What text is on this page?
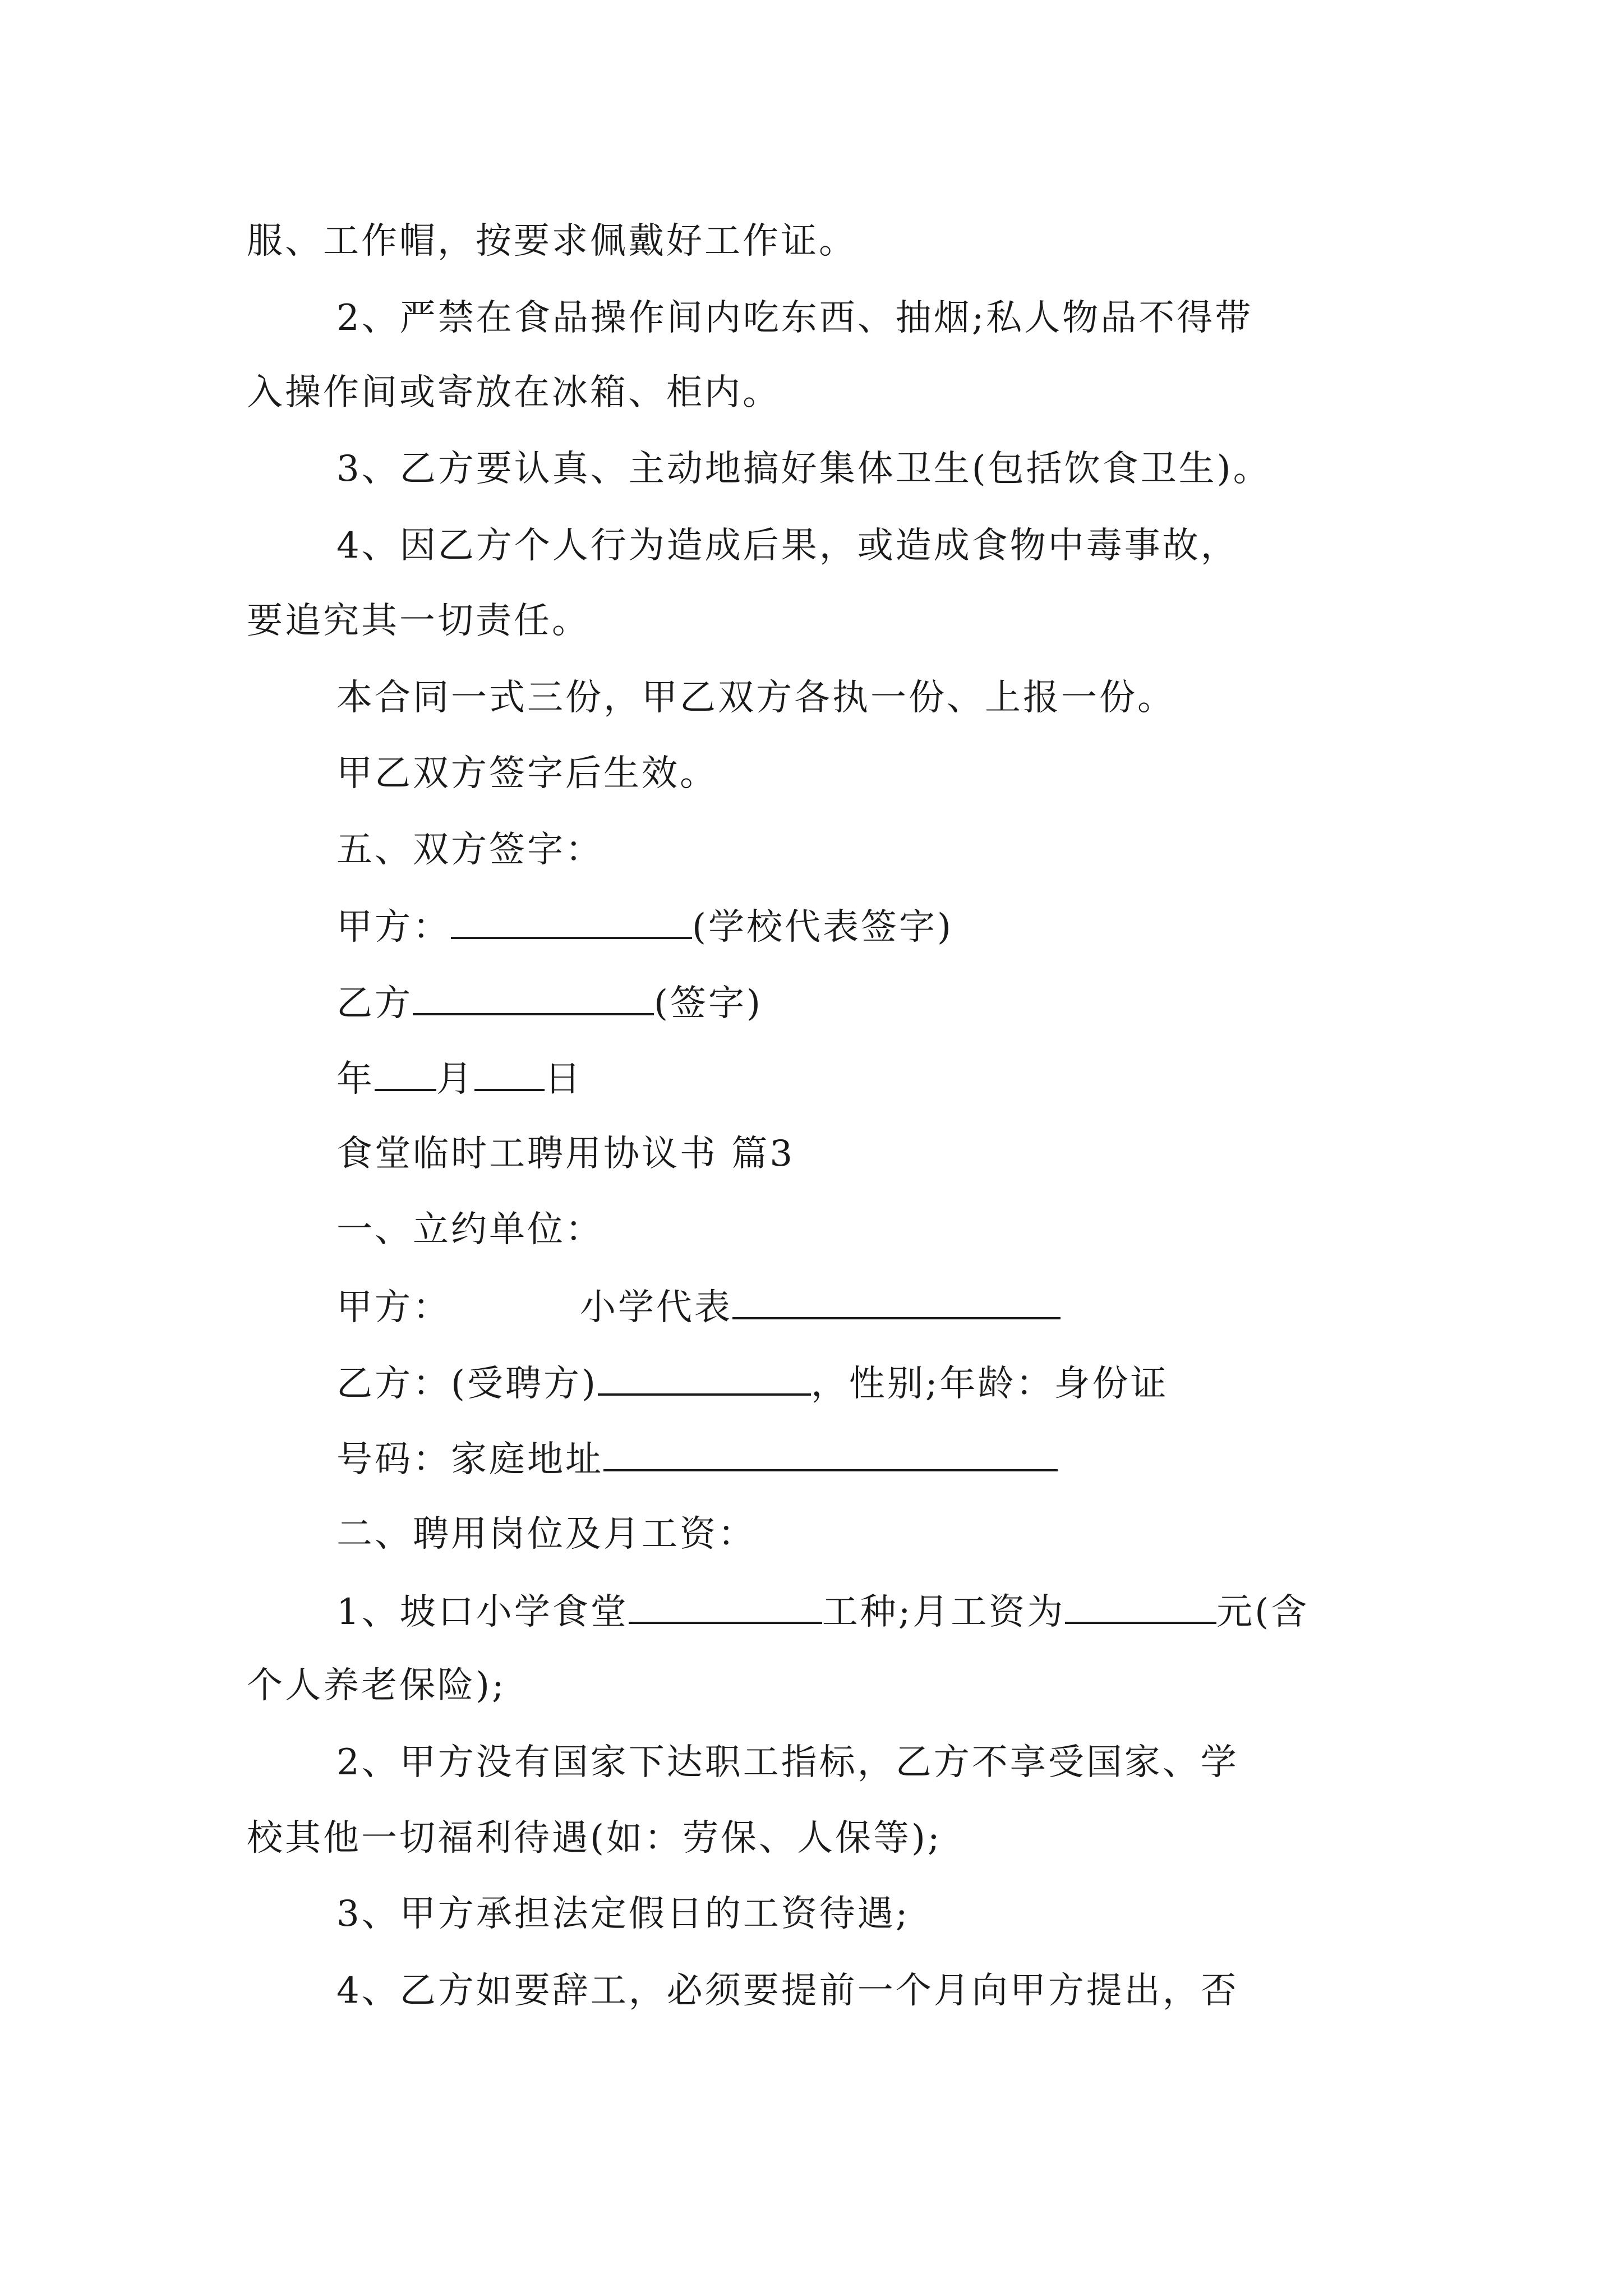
服、工作帽，按要求佩戴好工作证。
2、严禁在食品操作间内吃东西、抽烟;私人物品不得带
入操作间或寄放在冰箱、柜内。
3、乙方要认真、主动地搞好集体卫生(包括饮食卫生)。
4、因乙方个人行为造成后果，或造成食物中毒事故，
要追究其一切责任。
本合同一式三份，甲乙双方各执一份、上报一份。
甲乙双方签字后生效。
五、双方签字：
甲方：	(学校代表签字)
乙方	(签字)
年 月 日
食堂临时工聘用协议书 篇3
一、立约单位：
甲方：	小学代表
乙方：(受聘方)	，性别;年龄：身份证
号码：家庭地址
二、聘用岗位及月工资：
1、坡口小学食堂	工种;月工资为	元(含
个人养老保险);
2、甲方没有国家下达职工指标，乙方不享受国家、学
校其他一切福利待遇(如：劳保、人保等);
3、甲方承担法定假日的工资待遇;
4、乙方如要辞工，必须要提前一个月向甲方提出，否
